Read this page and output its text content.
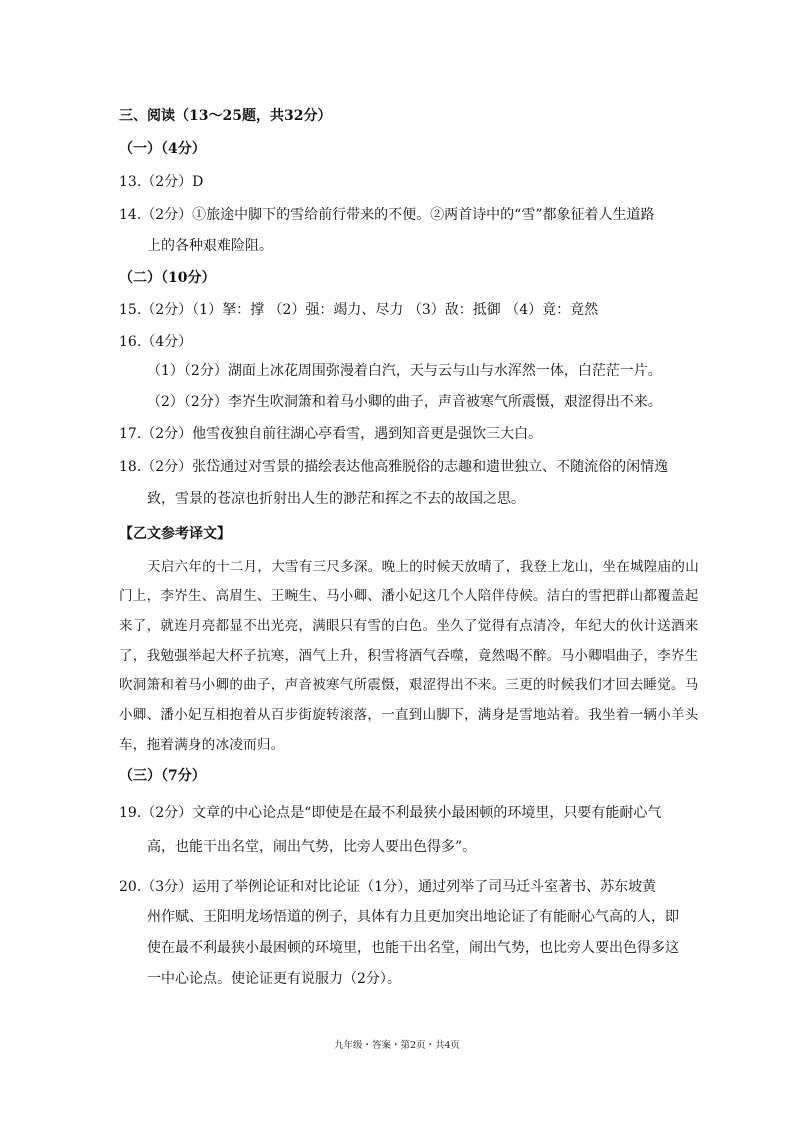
三、阅读（13～25题，共32分）
（一）（4分）
13.（2分）D
14.（2分）①旅途中脚下的雪给前行带来的不便。②两首诗中的“雪”都象征着人生道路
上的各种艰难险阻。
（二）（10分）
15.（2分）（1）拏：撑 （2）强：竭力、尽力 （3）敌：抵御 （4）竟：竟然
16.（4分）
（1）（2分）湖面上冰花周围弥漫着白汽，天与云与山与水浑然一体，白茫茫一片。
（2）（2分）李岕生吹洞箫和着马小卿的曲子，声音被寒气所震慑，艰涩得出不来。
17.（2分）他雪夜独自前往湖心亭看雪，遇到知音更是强饮三大白。
18.（2分）张岱通过对雪景的描绘表达他高雅脱俗的志趣和遗世独立、不随流俗的闲情逸
致，雪景的苍凉也折射出人生的渺茫和挥之不去的故国之思。
【乙文参考译文】
天启六年的十二月，大雪有三尺多深。晚上的时候天放晴了，我登上龙山，坐在城隍庙的山
门上，李岕生、高眉生、王畹生、马小卿、潘小妃这几个人陪伴侍候。洁白的雪把群山都覆盖起
来了，就连月亮都显不出光亮，满眼只有雪的白色。坐久了觉得有点清冷，年纪大的伙计送酒来
了，我勉强举起大杯子抗寒，酒气上升，积雪将酒气吞噬，竟然喝不醉。马小卿唱曲子，李岕生
吹洞箫和着马小卿的曲子，声音被寒气所震慑，艰涩得出不来。三更的时候我们才回去睡觉。马
小卿、潘小妃互相抱着从百步街旋转滚落，一直到山脚下，满身是雪地站着。我坐着一辆小羊头
车，拖着满身的冰凌而归。
（三）（7分）
19.（2分）文章的中心论点是“即使是在最不利最狭小最困顿的环境里，只要有能耐心气
高，也能干出名堂，闹出气势，比旁人要出色得多”。
20.（3分）运用了举例论证和对比论证（1分），通过列举了司马迁斗室著书、苏东坡黄
州作赋、王阳明龙场悟道的例子，具体有力且更加突出地论证了有能耐心气高的人，即
使在最不利最狭小最困顿的环境里，也能干出名堂，闹出气势，也比旁人要出色得多这
一中心论点。使论证更有说服力（2分）。
九年级・答案・第2页・共4页
